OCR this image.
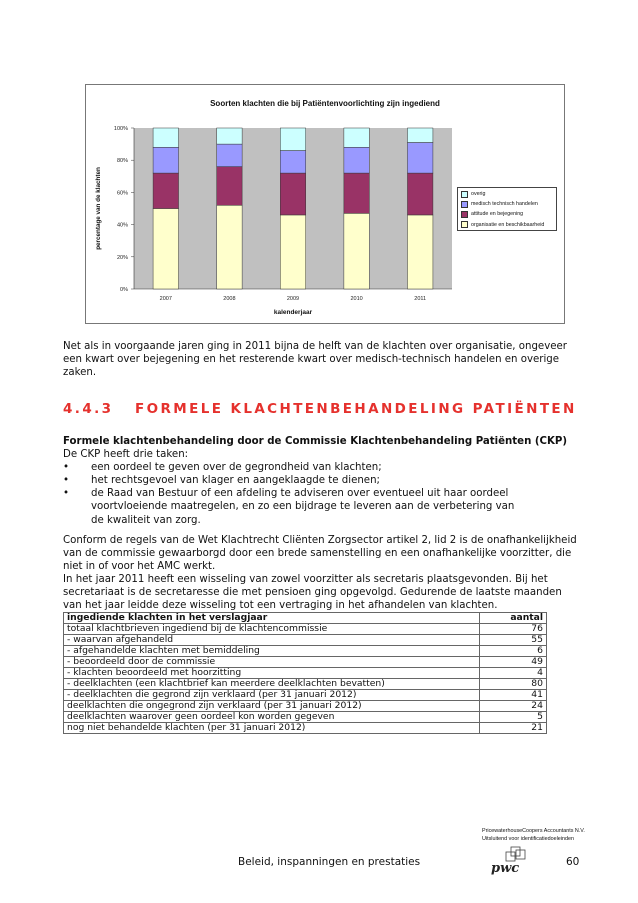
Soorten klachten die bij Patiëntenvoorlichting zijn ingediend
0%
20%
40%
60%
80%
100%
2007	2008	2009	2010	2011
kalenderjaar
percentage van de klachten	overig
medisch technisch handelen
attitude en bejegening
organisatie en beschikbaarheid
Net als in voorgaande jaren ging in 2011 bijna de helft van de klachten over organisatie, ongeveer
een kwart over bejegening en het resterende kwart over medisch-technisch handelen en overige
zaken.
4.4.3 FORMELE KLACHTENBEHANDELING PATIËNTEN
Formele klachtenbehandeling door de Commissie Klachtenbehandeling Patiënten (CKP)
De CKP heeft drie taken:
•	een oordeel te geven over de gegrondheid van klachten;
•	het rechtsgevoel van klager en aangeklaagde te dienen;
•	de Raad van Bestuur of een afdeling te adviseren over eventueel uit haar oordeel
voortvloeiende maatregelen, en zo een bijdrage te leveren aan de verbetering van
de kwaliteit van zorg.
Conform de regels van de Wet Klachtrecht Cliënten Zorgsector artikel 2, lid 2 is de onafhankelijkheid
van de commissie gewaarborgd door een brede samenstelling en een onafhankelijke voorzitter, die
niet in of voor het AMC werkt.
In het jaar 2011 heeft een wisseling van zowel voorzitter als secretaris plaatsgevonden. Bij het
secretariaat is de secretaresse die met pensioen ging opgevolgd. Gedurende de laatste maanden
van het jaar leidde deze wisseling tot een vertraging in het afhandelen van klachten.
ingediende klachten in het verslagjaar	aantal
totaal klachtbrieven ingediend bij de klachtencommissie	76
- waarvan afgehandeld	55
- afgehandelde klachten met bemiddeling	6
- beoordeeld door de commissie	49
- klachten beoordeeld met hoorzitting	4
- deelklachten (een klachtbrief kan meerdere deelklachten bevatten)	80
- deelklachten die gegrond zijn verklaard (per 31 januari 2012)	41
deelklachten die ongegrond zijn verklaard (per 31 januari 2012)	24
deelklachten waarover geen oordeel kon worden gegeven	5
nog niet behandelde klachten (per 31 januari 2012)	21
PricewaterhouseCoopers Accountants N.V.
Uitsluitend voor identificatiedoeleinden
pwc
Beleid, inspanningen en prestaties	60
